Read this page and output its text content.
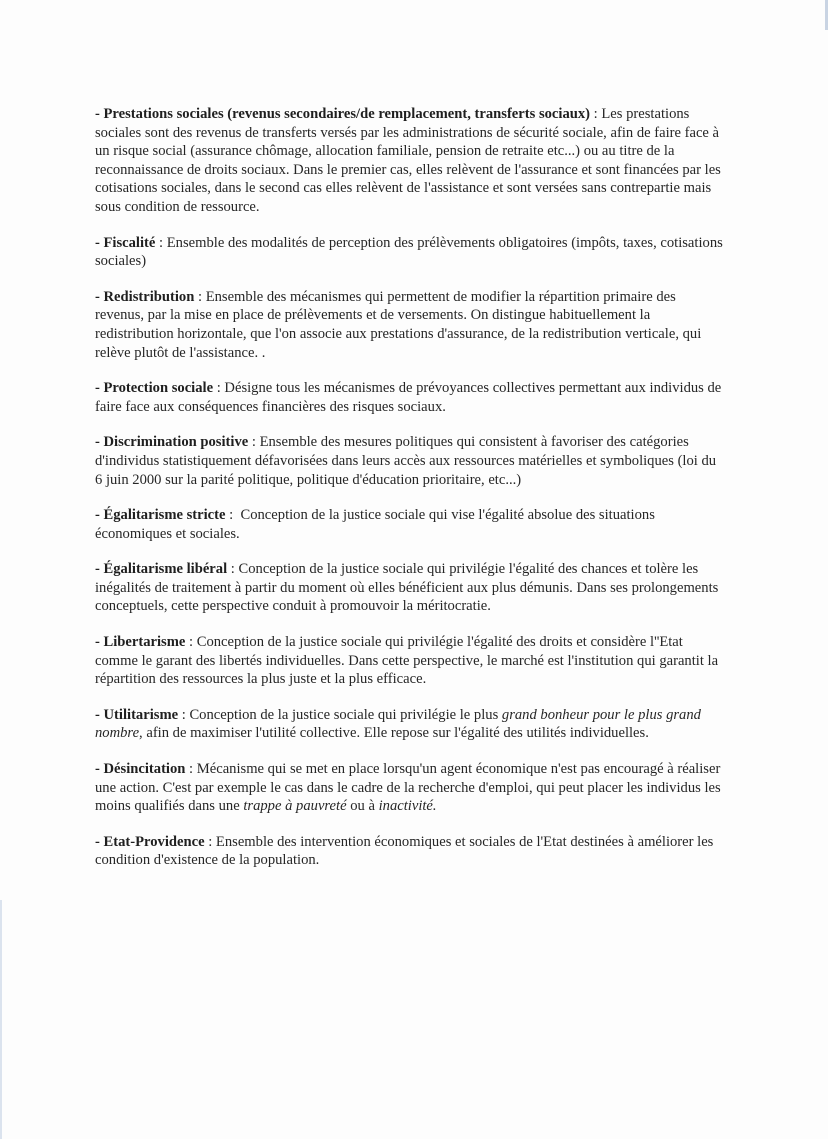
- Prestations sociales (revenus secondaires/de remplacement, transferts sociaux) : Les prestations sociales sont des revenus de transferts versés par les administrations de sécurité sociale, afin de faire face à un risque social (assurance chômage, allocation familiale, pension de retraite etc...) ou au titre de la reconnaissance de droits sociaux. Dans le premier cas, elles relèvent de l'assurance et sont financées par les cotisations sociales, dans le second cas elles relèvent de l'assistance et sont versées sans contrepartie mais sous condition de ressource.

- Fiscalité : Ensemble des modalités de perception des prélèvements obligatoires (impôts, taxes, cotisations sociales)

- Redistribution : Ensemble des mécanismes qui permettent de modifier la répartition primaire des revenus, par la mise en place de prélèvements et de versements. On distingue habituellement la redistribution horizontale, que l'on associe aux prestations d'assurance, de la redistribution verticale, qui relève plutôt de l'assistance. .

- Protection sociale : Désigne tous les mécanismes de prévoyances collectives permettant aux individus de faire face aux conséquences financières des risques sociaux.

- Discrimination positive : Ensemble des mesures politiques qui consistent à favoriser des catégories d'individus statistiquement défavorisées dans leurs accès aux ressources matérielles et symboliques (loi du 6 juin 2000 sur la parité politique, politique d'éducation prioritaire, etc...)

- Égalitarisme stricte :  Conception de la justice sociale qui vise l'égalité absolue des situations économiques et sociales.

- Égalitarisme libéral : Conception de la justice sociale qui privilégie l'égalité des chances et tolère les inégalités de traitement à partir du moment où elles bénéficient aux plus démunis. Dans ses prolongements conceptuels, cette perspective conduit à promouvoir la méritocratie.

- Libertarisme : Conception de la justice sociale qui privilégie l'égalité des droits et considère l''Etat comme le garant des libertés individuelles. Dans cette perspective, le marché est l'institution qui garantit la répartition des ressources la plus juste et la plus efficace.

- Utilitarisme : Conception de la justice sociale qui privilégie le plus grand bonheur pour le plus grand nombre, afin de maximiser l'utilité collective. Elle repose sur l'égalité des utilités individuelles.

- Désincitation : Mécanisme qui se met en place lorsqu'un agent économique n'est pas encouragé à réaliser une action. C'est par exemple le cas dans le cadre de la recherche d'emploi, qui peut placer les individus les moins qualifiés dans une trappe à pauvreté ou à inactivité.

- Etat-Providence : Ensemble des intervention économiques et sociales de l'Etat destinées à améliorer les condition d'existence de la population.
